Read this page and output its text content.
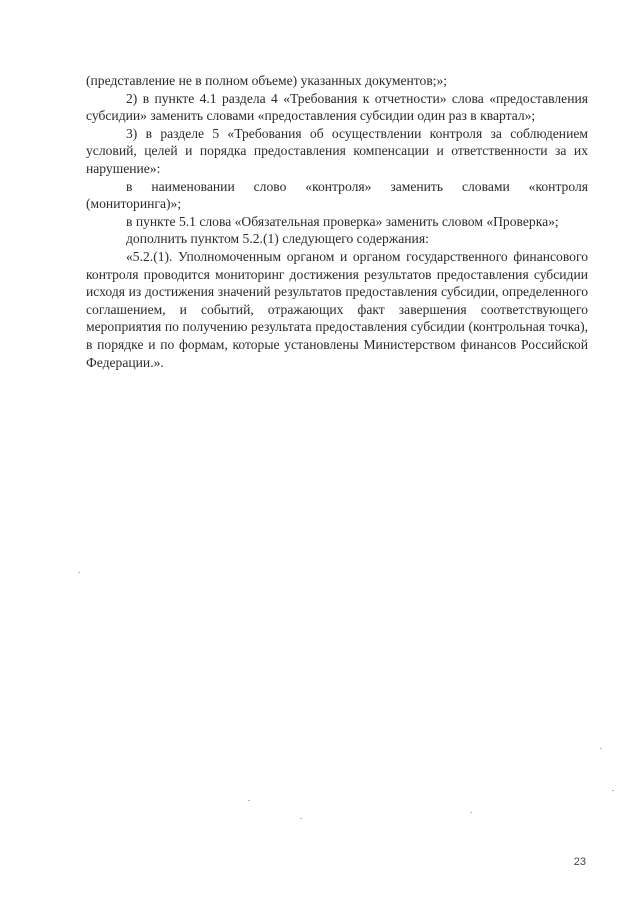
(представление не в полном объеме) указанных документов;»;

2) в пункте 4.1 раздела 4 «Требования к отчетности» слова «предоставления субсидии» заменить словами «предоставления субсидии один раз в квартал»;

3) в разделе 5 «Требования об осуществлении контроля за соблюдением условий, целей и порядка предоставления компенсации и ответственности за их нарушение»:

в наименовании слово «контроля» заменить словами «контроля (мониторинга)»;

в пункте 5.1 слова «Обязательная проверка» заменить словом «Проверка»;

дополнить пунктом 5.2.(1) следующего содержания:

«5.2.(1). Уполномоченным органом и органом государственного финансового контроля проводится мониторинг достижения результатов предоставления субсидии исходя из достижения значений результатов предоставления субсидии, определенного соглашением, и событий, отражающих факт завершения соответствующего мероприятия по получению результата предоставления субсидии (контрольная точка), в порядке и по формам, которые установлены Министерством финансов Российской Федерации.».

23
